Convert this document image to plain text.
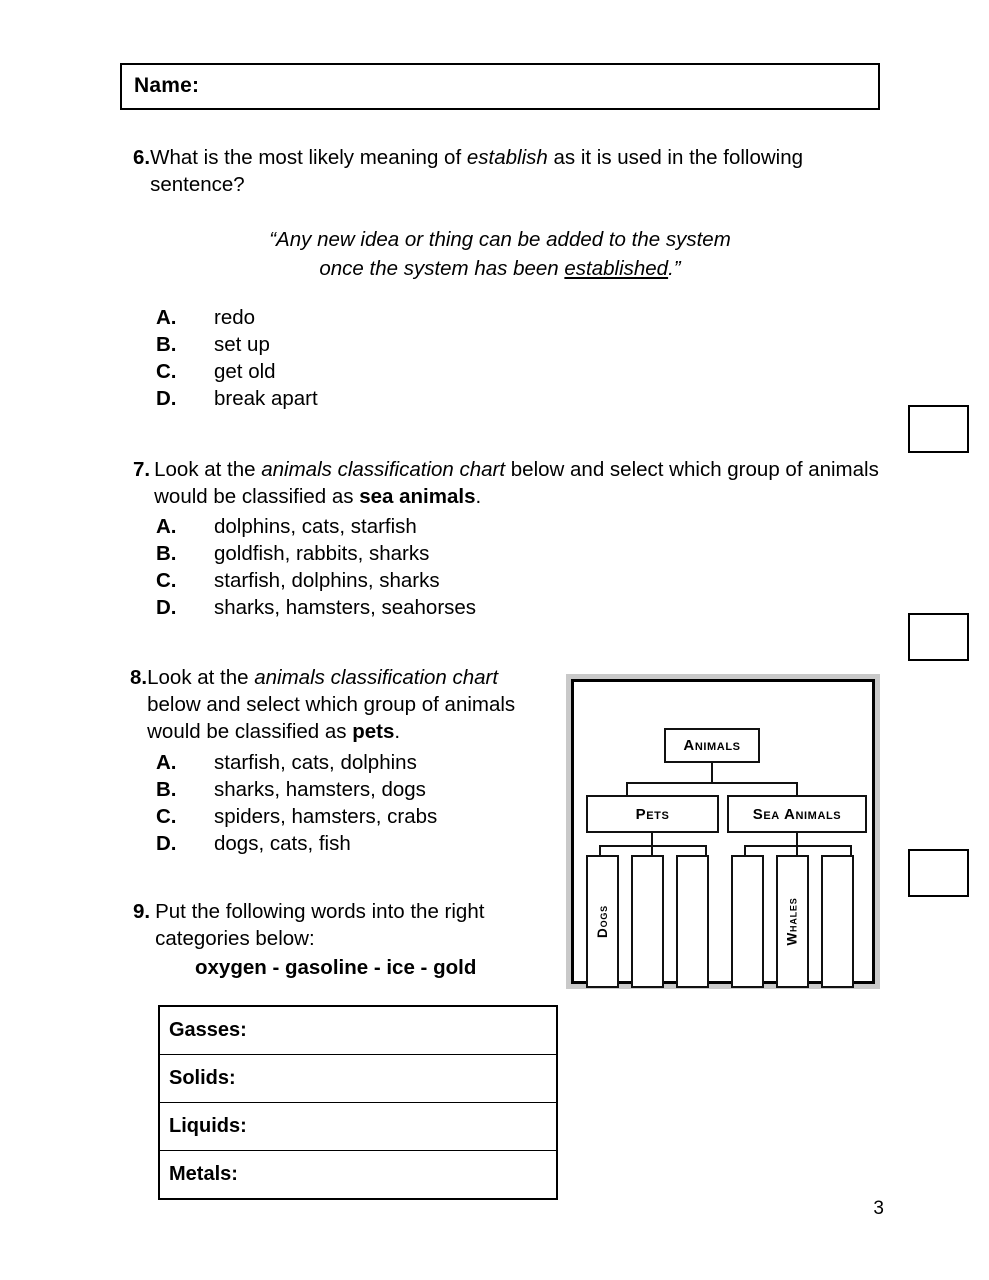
Name:
6. What is the most likely meaning of establish as it is used in the following sentence?
“Any new idea or thing can be added to the system
once the system has been established.”
A.	redo
B.	set up
C.	get old
D.	break apart
7. Look at the animals classification chart below and select which group of animals would be classified as sea animals.
A.	dolphins, cats, starfish
B.	goldfish, rabbits, sharks
C.	starfish, dolphins, sharks
D.	sharks, hamsters, seahorses
8. Look at the animals classification chart below and select which group of animals would be classified as pets.
A.	starfish, cats, dolphins
B.	sharks, hamsters, dogs
C.	spiders, hamsters, crabs
D.	dogs, cats, fish
9. Put the following words into the right categories below:
oxygen - gasoline - ice - gold
Animals
Pets	Sea Animals
Dogs	Whales
Gasses:
Solids:
Liquids:
Metals:
3
